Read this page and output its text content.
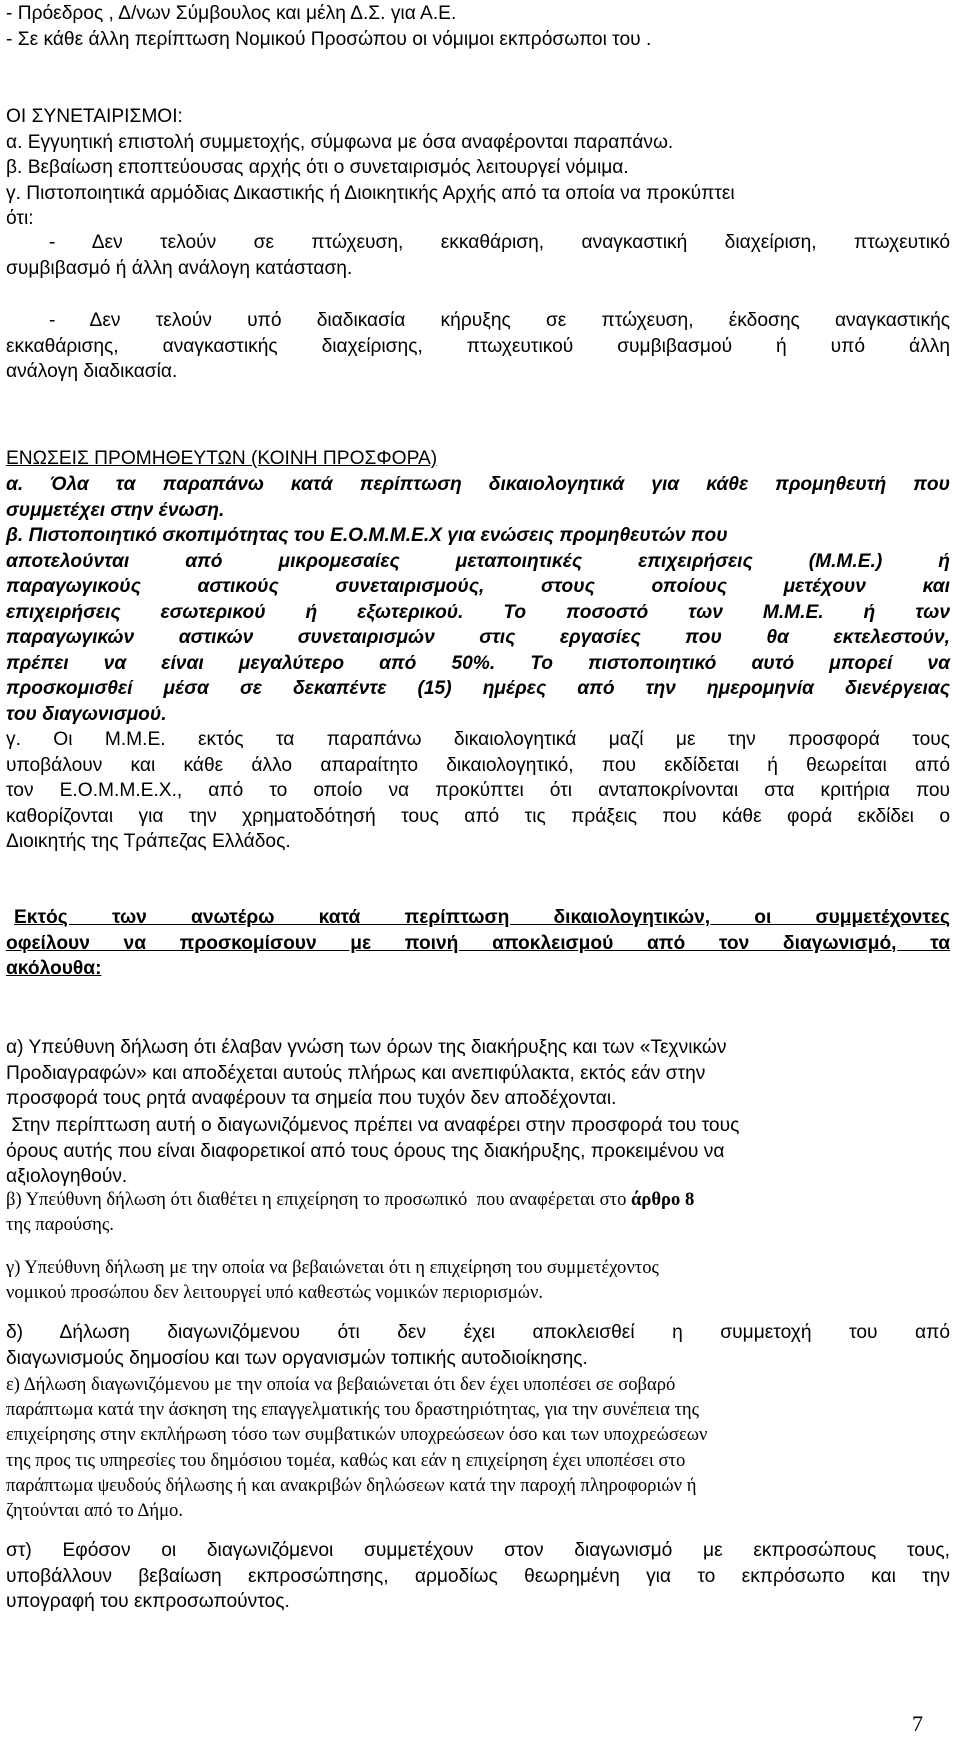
- Πρόεδρος , Δ/νων Σύμβουλος και μέλη Δ.Σ. για Α.Ε.
- Σε κάθε άλλη περίπτωση Νομικού Προσώπου οι νόμιμοι εκπρόσωποι του .
ΟΙ ΣΥΝΕΤΑΙΡΙΣΜΟΙ:
α. Εγγυητική επιστολή συμμετοχής, σύμφωνα με όσα αναφέρονται παραπάνω.
β. Βεβαίωση εποπτεύουσας αρχής ότι ο συνεταιρισμός λειτουργεί νόμιμα.
γ. Πιστοποιητικά αρμόδιας Δικαστικής ή Διοικητικής Αρχής από τα οποία να προκύπτει
ότι:
- Δεν τελούν σε πτώχευση, εκκαθάριση, αναγκαστική διαχείριση, πτωχευτικό
συμβιβασμό ή άλλη ανάλογη κατάσταση.
- Δεν τελούν υπό διαδικασία κήρυξης σε πτώχευση, έκδοσης αναγκαστικής
εκκαθάρισης, αναγκαστικής διαχείρισης, πτωχευτικού συμβιβασμού ή υπό άλλη
ανάλογη διαδικασία.
ΕΝΩΣΕΙΣ ΠΡΟΜΗΘΕΥΤΩΝ (ΚΟΙΝΗ ΠΡΟΣΦΟΡΑ)
α. Όλα τα παραπάνω κατά περίπτωση δικαιολογητικά για κάθε προμηθευτή που
συμμετέχει στην ένωση.
β. Πιστοποιητικό σκοπιμότητας του Ε.Ο.Μ.Μ.Ε.Χ για ενώσεις προμηθευτών που
αποτελούνται από μικρομεσαίες μεταποιητικές επιχειρήσεις (Μ.Μ.Ε.) ή
παραγωγικούς αστικούς συνεταιρισμούς, στους οποίους μετέχουν και
επιχειρήσεις εσωτερικού ή εξωτερικού. Το ποσοστό των Μ.Μ.Ε. ή των
παραγωγικών αστικών συνεταιρισμών στις εργασίες που θα εκτελεστούν,
πρέπει να είναι μεγαλύτερο από 50%. Το πιστοποιητικό αυτό μπορεί να
προσκομισθεί μέσα σε δεκαπέντε (15) ημέρες από την ημερομηνία διενέργειας
του διαγωνισμού.
γ. Οι Μ.Μ.Ε. εκτός τα παραπάνω δικαιολογητικά μαζί με την προσφορά τους
υποβάλουν και κάθε άλλο απαραίτητο δικαιολογητικό, που εκδίδεται ή θεωρείται από
τον Ε.Ο.Μ.Μ.Ε.Χ., από το οποίο να προκύπτει ότι ανταποκρίνονται στα κριτήρια που
καθορίζονται για την χρηματοδότησή τους από τις πράξεις που κάθε φορά εκδίδει ο
Διοικητής της Τράπεζας Ελλάδος.
Εκτός των ανωτέρω κατά περίπτωση δικαιολογητικών, οι συμμετέχοντες
οφείλουν να προσκομίσουν με ποινή αποκλεισμού από τον διαγωνισμό, τα
ακόλουθα:
α) Υπεύθυνη δήλωση ότι έλαβαν γνώση των όρων της διακήρυξης και των «Τεχνικών
Προδιαγραφών» και αποδέχεται αυτούς πλήρως και ανεπιφύλακτα, εκτός εάν στην
προσφορά τους ρητά αναφέρουν τα σημεία που τυχόν δεν αποδέχονται.
Στην περίπτωση αυτή ο διαγωνιζόμενος πρέπει να αναφέρει στην προσφορά του τους
όρους αυτής που είναι διαφορετικοί από τους όρους της διακήρυξης, προκειμένου να
αξιολογηθούν.
β) Υπεύθυνη δήλωση ότι διαθέτει η επιχείρηση το προσωπικό  που αναφέρεται στο άρθρο 8
της παρούσης.
γ) Υπεύθυνη δήλωση με την οποία να βεβαιώνεται ότι η επιχείρηση του συμμετέχοντος
νομικού προσώπου δεν λειτουργεί υπό καθεστώς νομικών περιορισμών.
δ) Δήλωση διαγωνιζόμενου ότι δεν έχει αποκλεισθεί η συμμετοχή του από
διαγωνισμούς δημοσίου και των οργανισμών τοπικής αυτοδιοίκησης.
ε) Δήλωση διαγωνιζόμενου με την οποία να βεβαιώνεται ότι δεν έχει υποπέσει σε σοβαρό
παράπτωμα κατά την άσκηση της επαγγελματικής του δραστηριότητας, για την συνέπεια της
επιχείρησης στην εκπλήρωση τόσο των συμβατικών υποχρεώσεων όσο και των υποχρεώσεων
της προς τις υπηρεσίες του δημόσιου τομέα, καθώς και εάν η επιχείρηση έχει υποπέσει στο
παράπτωμα ψευδούς δήλωσης ή και ανακριβών δηλώσεων κατά την παροχή πληροφοριών ή
ζητούνται από το Δήμο.
στ) Εφόσον οι διαγωνιζόμενοι συμμετέχουν στον διαγωνισμό με εκπροσώπους τους,
υποβάλλουν βεβαίωση εκπροσώπησης, αρμοδίως θεωρημένη για το εκπρόσωπο και την
υπογραφή του εκπροσωπούντος.
7
